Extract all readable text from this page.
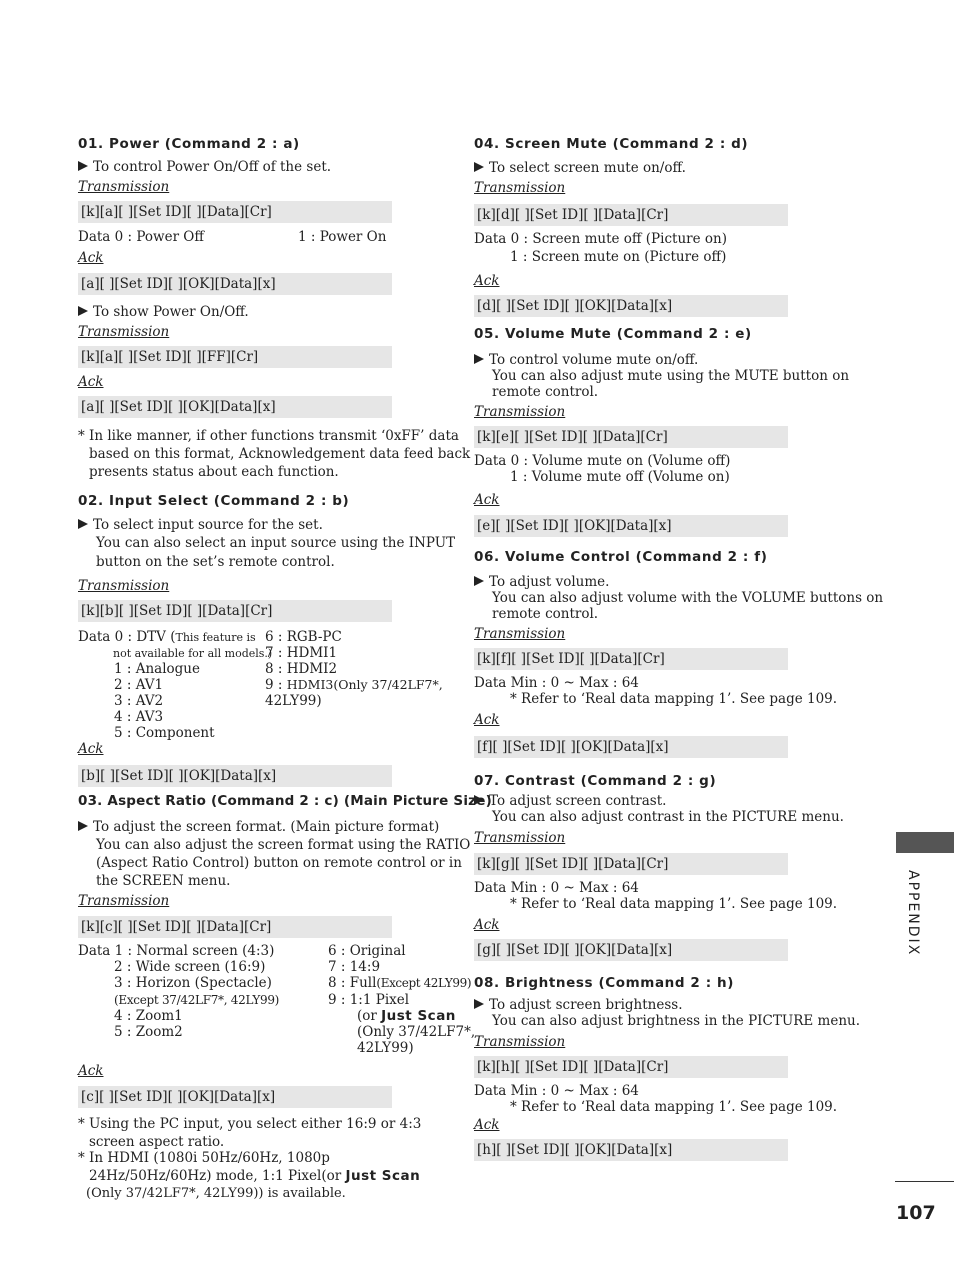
01. Power (Command 2 : a)
To control Power On/Off of the set.
Transmission
[k][a][ ][Set ID][ ][Data][Cr]
Data 0 : Power Off	1 : Power On
Ack
[a][ ][Set ID][ ][OK][Data][x]
To show Power On/Off.
Transmission
[k][a][ ][Set ID][ ][FF][Cr]
Ack
[a][ ][Set ID][ ][OK][Data][x]
* In like manner, if other functions transmit ‘0xFF’ data
based on this format, Acknowledgement data feed back
presents status about each function.
02. Input Select (Command 2 : b)
To select input source for the set.
You can also select an input source using the INPUT
button on the set’s remote control.
Transmission
[k][b][ ][Set ID][ ][Data][Cr]
Data 0 : DTV (This feature is
not available for all models.)
1 : Analogue
2 : AV1
3 : AV2
4 : AV3
5 : Component
6 : RGB-PC
7 : HDMI1
8 : HDMI2
9 : HDMI3(Only 37/42LF7*,
42LY99)
Ack
[b][ ][Set ID][ ][OK][Data][x]
03. Aspect Ratio (Command 2 : c) (Main Picture Size)
To adjust the screen format. (Main picture format)
You can also adjust the screen format using the RATIO
(Aspect Ratio Control) button on remote control or in
the SCREEN menu.
Transmission
[k][c][ ][Set ID][ ][Data][Cr]
Data 1 : Normal screen (4:3)
2 : Wide screen (16:9)
3 : Horizon (Spectacle)
(Except 37/42LF7*, 42LY99)
4 : Zoom1
5 : Zoom2
6 : Original
7 : 14:9
8 : Full(Except 42LY99)
9 : 1:1 Pixel
(or Just Scan
(Only 37/42LF7*,
42LY99)
Ack
[c][ ][Set ID][ ][OK][Data][x]
* Using the PC input, you select either 16:9 or 4:3
screen aspect ratio.
* In HDMI (1080i 50Hz/60Hz, 1080p
24Hz/50Hz/60Hz) mode, 1:1 Pixel(or Just Scan
(Only 37/42LF7*, 42LY99)) is available.
04. Screen Mute (Command 2 : d)
To select screen mute on/off.
Transmission
[k][d][ ][Set ID][ ][Data][Cr]
Data 0 : Screen mute off (Picture on)
1 : Screen mute on (Picture off)
Ack
[d][ ][Set ID][ ][OK][Data][x]
05. Volume Mute (Command 2 : e)
To control volume mute on/off.
You can also adjust mute using the MUTE button on
remote control.
Transmission
[k][e][ ][Set ID][ ][Data][Cr]
Data 0 : Volume mute on (Volume off)
1 : Volume mute off (Volume on)
Ack
[e][ ][Set ID][ ][OK][Data][x]
06. Volume Control (Command 2 : f)
To adjust volume.
You can also adjust volume with the VOLUME buttons on
remote control.
Transmission
[k][f][ ][Set ID][ ][Data][Cr]
Data Min : 0 ~ Max : 64
* Refer to ‘Real data mapping 1’. See page 109.
Ack
[f][ ][Set ID][ ][OK][Data][x]
07. Contrast (Command 2 : g)
To adjust screen contrast.
You can also adjust contrast in the PICTURE menu.
Transmission
[k][g][ ][Set ID][ ][Data][Cr]
Data Min : 0 ~ Max : 64
* Refer to ‘Real data mapping 1’. See page 109.
Ack
[g][ ][Set ID][ ][OK][Data][x]
08. Brightness (Command 2 : h)
To adjust screen brightness.
You can also adjust brightness in the PICTURE menu.
Transmission
[k][h][ ][Set ID][ ][Data][Cr]
Data Min : 0 ~ Max : 64
* Refer to ‘Real data mapping 1’. See page 109.
Ack
[h][ ][Set ID][ ][OK][Data][x]
APPENDIX
107
